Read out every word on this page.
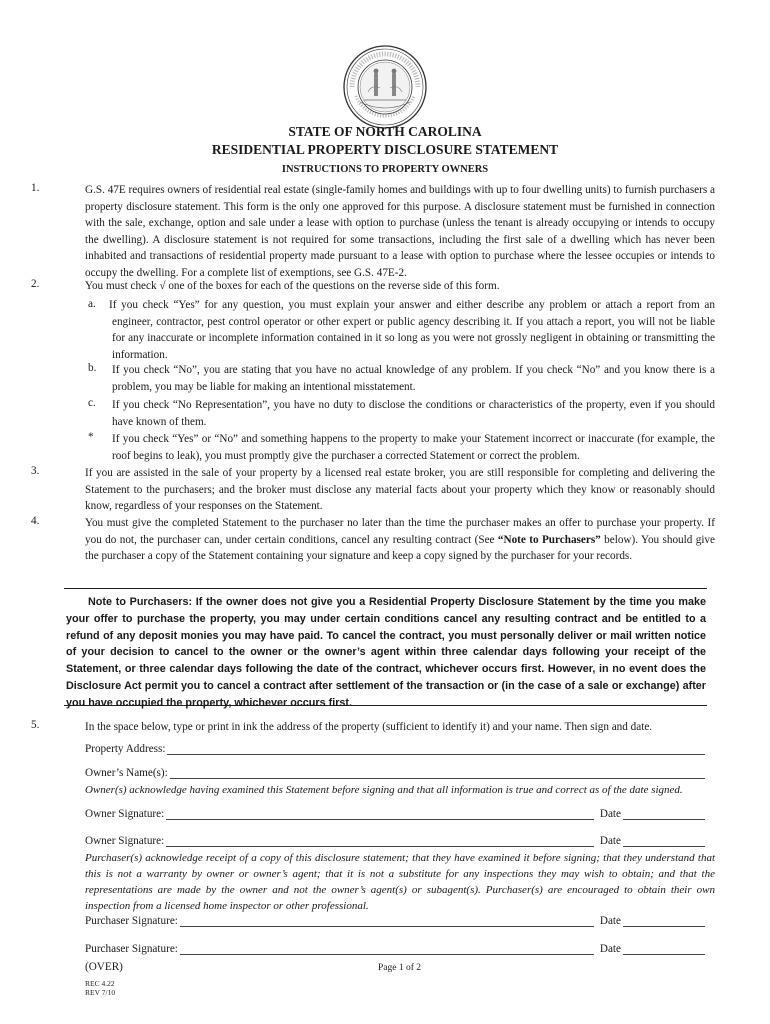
STATE OF NORTH CAROLINA
RESIDENTIAL PROPERTY DISCLOSURE STATEMENT
INSTRUCTIONS TO PROPERTY OWNERS
1.	G.S. 47E requires owners of residential real estate (single-family homes and buildings with up to four dwelling units) to furnish purchasers a property disclosure statement. This form is the only one approved for this purpose. A disclosure statement must be furnished in connection with the sale, exchange, option and sale under a lease with option to purchase (unless the tenant is already occupying or intends to occupy the dwelling). A disclosure statement is not required for some transactions, including the first sale of a dwelling which has never been inhabited and transactions of residential property made pursuant to a lease with option to purchase where the lessee occupies or intends to occupy the dwelling. For a complete list of exemptions, see G.S. 47E-2.
2.	You must check √ one of the boxes for each of the questions on the reverse side of this form.
a. If you check “Yes” for any question, you must explain your answer and either describe any problem or attach a report from an engineer, contractor, pest control operator or other expert or public agency describing it. If you attach a report, you will not be liable for any inaccurate or incomplete information contained in it so long as you were not grossly negligent in obtaining or transmitting the information.
b. If you check “No”, you are stating that you have no actual knowledge of any problem. If you check “No” and you know there is a problem, you may be liable for making an intentional misstatement.
c. If you check “No Representation”, you have no duty to disclose the conditions or characteristics of the property, even if you should have known of them.
* If you check “Yes” or “No” and something happens to the property to make your Statement incorrect or inaccurate (for example, the roof begins to leak), you must promptly give the purchaser a corrected Statement or correct the problem.
3.	If you are assisted in the sale of your property by a licensed real estate broker, you are still responsible for completing and delivering the Statement to the purchasers; and the broker must disclose any material facts about your property which they know or reasonably should know, regardless of your responses on the Statement.
4.	You must give the completed Statement to the purchaser no later than the time the purchaser makes an offer to purchase your property. If you do not, the purchaser can, under certain conditions, cancel any resulting contract (See “Note to Purchasers” below). You should give the purchaser a copy of the Statement containing your signature and keep a copy signed by the purchaser for your records.
Note to Purchasers: If the owner does not give you a Residential Property Disclosure Statement by the time you make your offer to purchase the property, you may under certain conditions cancel any resulting contract and be entitled to a refund of any deposit monies you may have paid. To cancel the contract, you must personally deliver or mail written notice of your decision to cancel to the owner or the owner’s agent within three calendar days following your receipt of the Statement, or three calendar days following the date of the contract, whichever occurs first. However, in no event does the Disclosure Act permit you to cancel a contract after settlement of the transaction or (in the case of a sale or exchange) after you have occupied the property, whichever occurs first.
5.	In the space below, type or print in ink the address of the property (sufficient to identify it) and your name. Then sign and date.
Property Address:
Owner’s Name(s):
Owner(s) acknowledge having examined this Statement before signing and that all information is true and correct as of the date signed.
Owner Signature:	Date
Owner Signature:	Date
Purchaser(s) acknowledge receipt of a copy of this disclosure statement; that they have examined it before signing; that they understand that this is not a warranty by owner or owner’s agent; that it is not a substitute for any inspections they may wish to obtain; and that the representations are made by the owner and not the owner’s agent(s) or subagent(s). Purchaser(s) are encouraged to obtain their own inspection from a licensed home inspector or other professional.
Purchaser Signature:	Date
Purchaser Signature:	Date
(OVER)	Page 1 of 2
REC 4.22
REV 7/10
